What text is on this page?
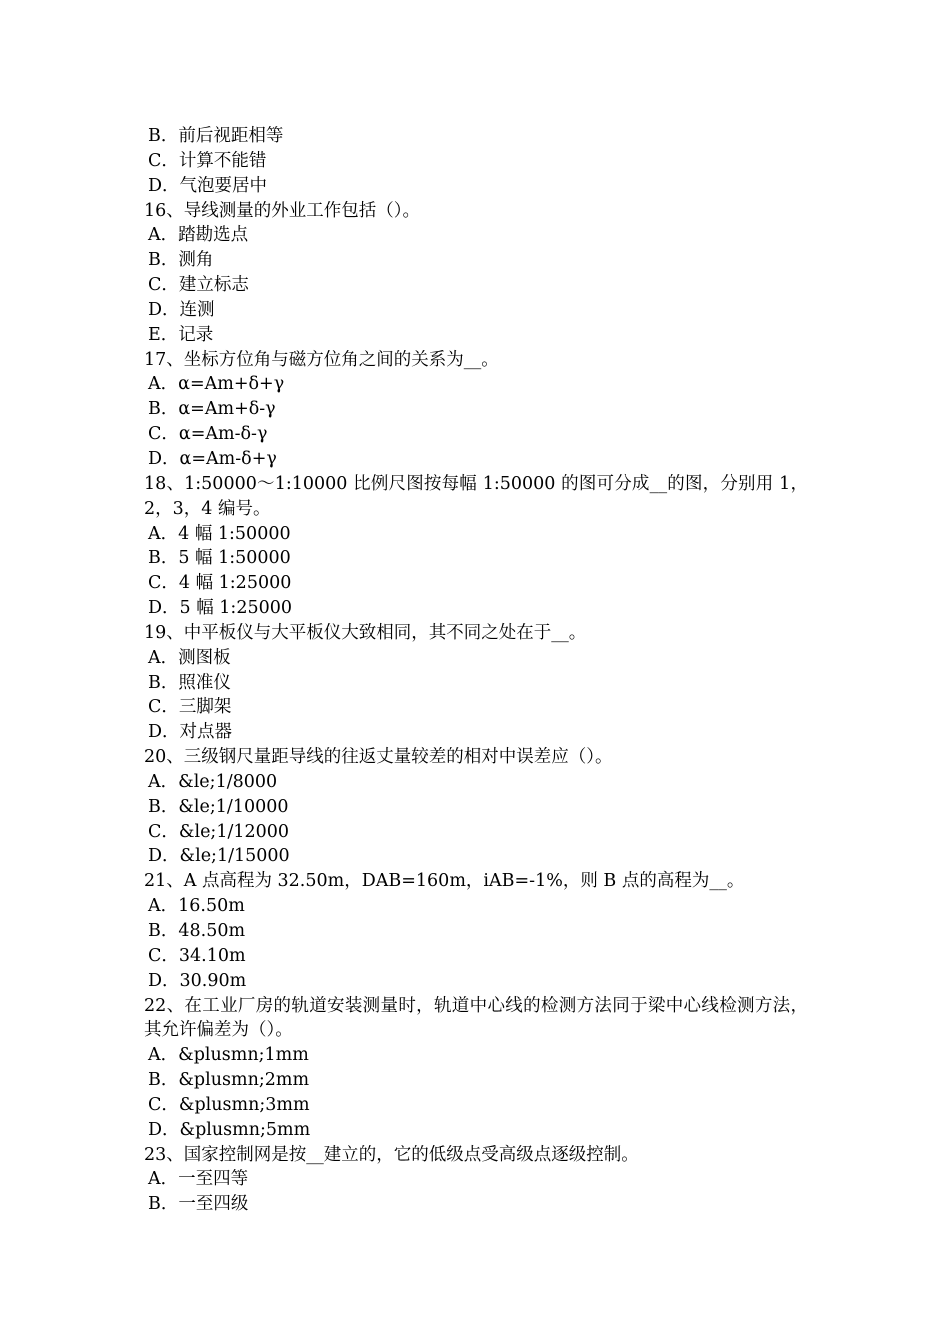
B．前后视距相等
C．计算不能错
D．气泡要居中
16、导线测量的外业工作包括（）。
A．踏勘选点
B．测角
C．建立标志
D．连测
E．记录
17、坐标方位角与磁方位角之间的关系为__。
A．α=Am+δ+γ
B．α=Am+δ-γ
C．α=Am-δ-γ
D．α=Am-δ+γ
18、1:50000～1:10000 比例尺图按每幅 1:50000 的图可分成__的图，分别用 1，2，3，4 编号。
A．4 幅 1:50000
B．5 幅 1:50000
C．4 幅 1:25000
D．5 幅 1:25000
19、中平板仪与大平板仪大致相同，其不同之处在于__。
A．测图板
B．照准仪
C．三脚架
D．对点器
20、三级钢尺量距导线的往返丈量较差的相对中误差应（）。
A．&le;1/8000
B．&le;1/10000
C．&le;1/12000
D．&le;1/15000
21、A 点高程为 32.50m，DAB=160m，iAB=-1%，则 B 点的高程为__。
A．16.50m
B．48.50m
C．34.10m
D．30.90m
22、在工业厂房的轨道安装测量时，轨道中心线的检测方法同于梁中心线检测方法，其允许偏差为（）。
A．&plusmn;1mm
B．&plusmn;2mm
C．&plusmn;3mm
D．&plusmn;5mm
23、国家控制网是按__建立的，它的低级点受高级点逐级控制。
A．一至四等
B．一至四级
